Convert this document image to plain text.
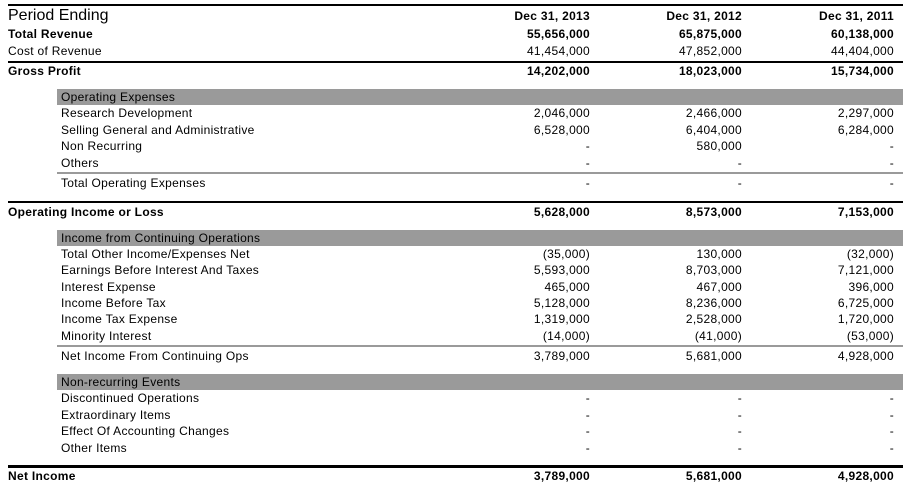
Period Ending	Dec 31, 2013	Dec 31, 2012	Dec 31, 2011
Total Revenue	55,656,000	65,875,000	60,138,000
Cost of Revenue	41,454,000	47,852,000	44,404,000
Gross Profit	14,202,000	18,023,000	15,734,000
Operating Expenses
Research Development	2,046,000	2,466,000	2,297,000
Selling General and Administrative	6,528,000	6,404,000	6,284,000
Non Recurring	-	580,000	-
Others	-	-	-
Total Operating Expenses	-	-	-
Operating Income or Loss	5,628,000	8,573,000	7,153,000
Income from Continuing Operations
Total Other Income/Expenses Net	(35,000)	130,000	(32,000)
Earnings Before Interest And Taxes	5,593,000	8,703,000	7,121,000
Interest Expense	465,000	467,000	396,000
Income Before Tax	5,128,000	8,236,000	6,725,000
Income Tax Expense	1,319,000	2,528,000	1,720,000
Minority Interest	(14,000)	(41,000)	(53,000)
Net Income From Continuing Ops	3,789,000	5,681,000	4,928,000
Non-recurring Events
Discontinued Operations	-	-	-
Extraordinary Items	-	-	-
Effect Of Accounting Changes	-	-	-
Other Items	-	-	-
Net Income	3,789,000	5,681,000	4,928,000
